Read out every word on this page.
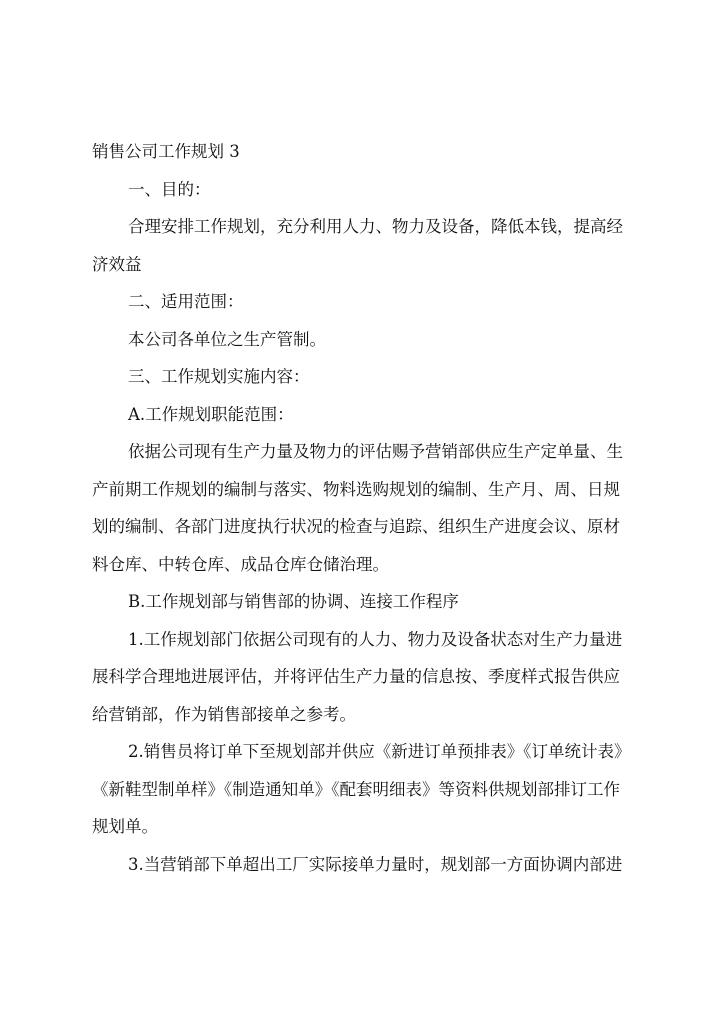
销售公司工作规划 3

一、目的：

合理安排工作规划，充分利用人力、物力及设备，降低本钱，提高经

济效益

二、适用范围：

本公司各单位之生产管制。

三、工作规划实施内容：

A.工作规划职能范围：

依据公司现有生产力量及物力的评估赐予营销部供应生产定单量、生

产前期工作规划的编制与落实、物料选购规划的编制、生产月、周、日规

划的编制、各部门进度执行状况的检查与追踪、组织生产进度会议、原材

料仓库、中转仓库、成品仓库仓储治理。

B.工作规划部与销售部的协调、连接工作程序

1.工作规划部门依据公司现有的人力、物力及设备状态对生产力量进

展科学合理地进展评估，并将评估生产力量的信息按、季度样式报告供应

给营销部，作为销售部接单之参考。

2.销售员将订单下至规划部并供应《新进订单预排表》《订单统计表》

《新鞋型制单样》《制造通知单》《配套明细表》等资料供规划部排订工作

规划单。

3.当营销部下单超出工厂实际接单力量时，规划部一方面协调内部进
